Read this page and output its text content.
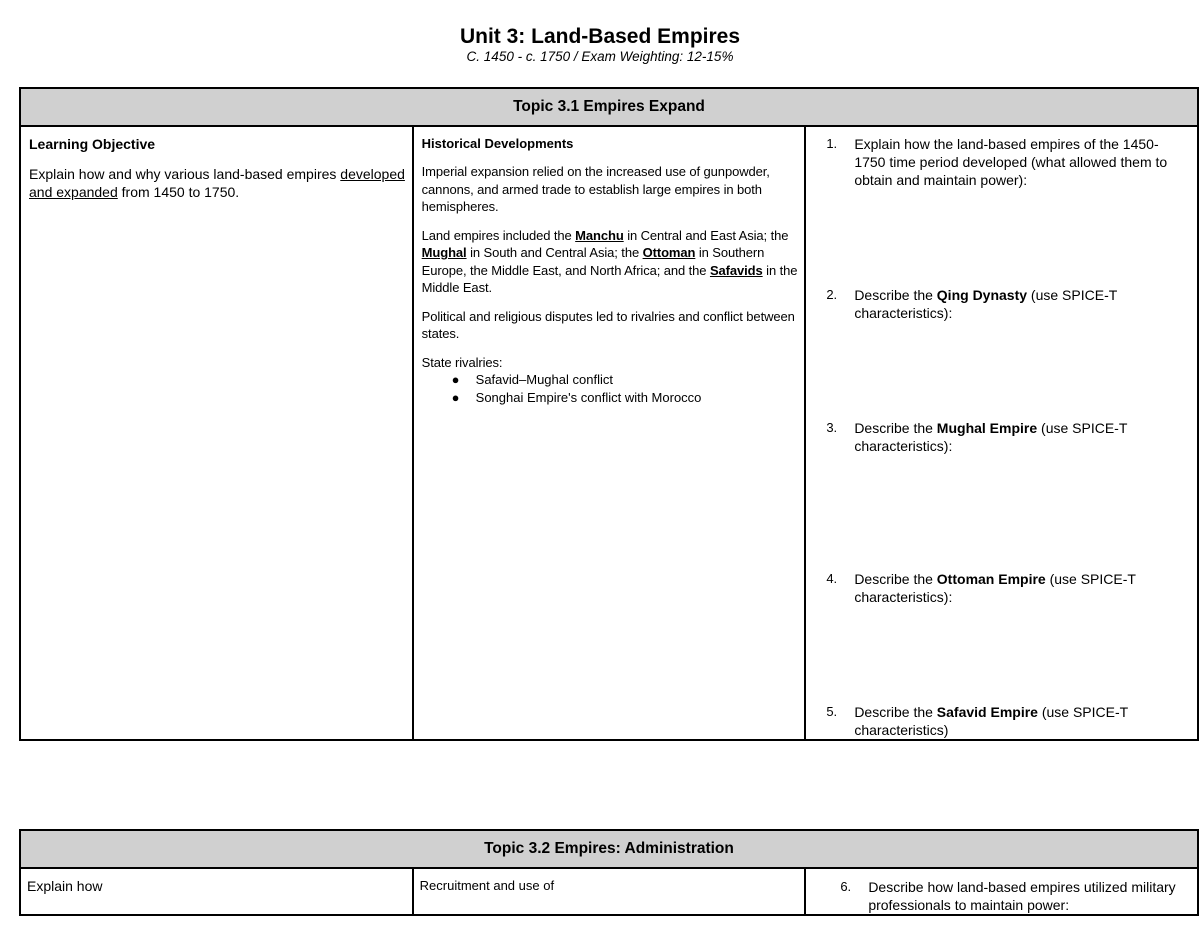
Unit 3: Land-Based Empires
C. 1450 - c. 1750 / Exam Weighting: 12-15%
Topic 3.1 Empires Expand

Learning Objective
Explain how and why various land-based empires developed and expanded from 1450 to 1750.

Historical Developments
Imperial expansion relied on the increased use of gunpowder, cannons, and armed trade to establish large empires in both hemispheres.
Land empires included the Manchu in Central and East Asia; the Mughal in South and Central Asia; the Ottoman in Southern Europe, the Middle East, and North Africa; and the Safavids in the Middle East.
Political and religious disputes led to rivalries and conflict between states.
State rivalries:
● Safavid–Mughal conflict
● Songhai Empire's conflict with Morocco

1. Explain how the land-based empires of the 1450-1750 time period developed (what allowed them to obtain and maintain power):
2. Describe the Qing Dynasty (use SPICE-T characteristics):
3. Describe the Mughal Empire (use SPICE-T characteristics):
4. Describe the Ottoman Empire (use SPICE-T characteristics):
5. Describe the Safavid Empire (use SPICE-T characteristics)
Topic 3.2 Empires: Administration
Explain how	Recruitment and use of	6. Describe how land-based empires utilized military professionals to maintain power:
